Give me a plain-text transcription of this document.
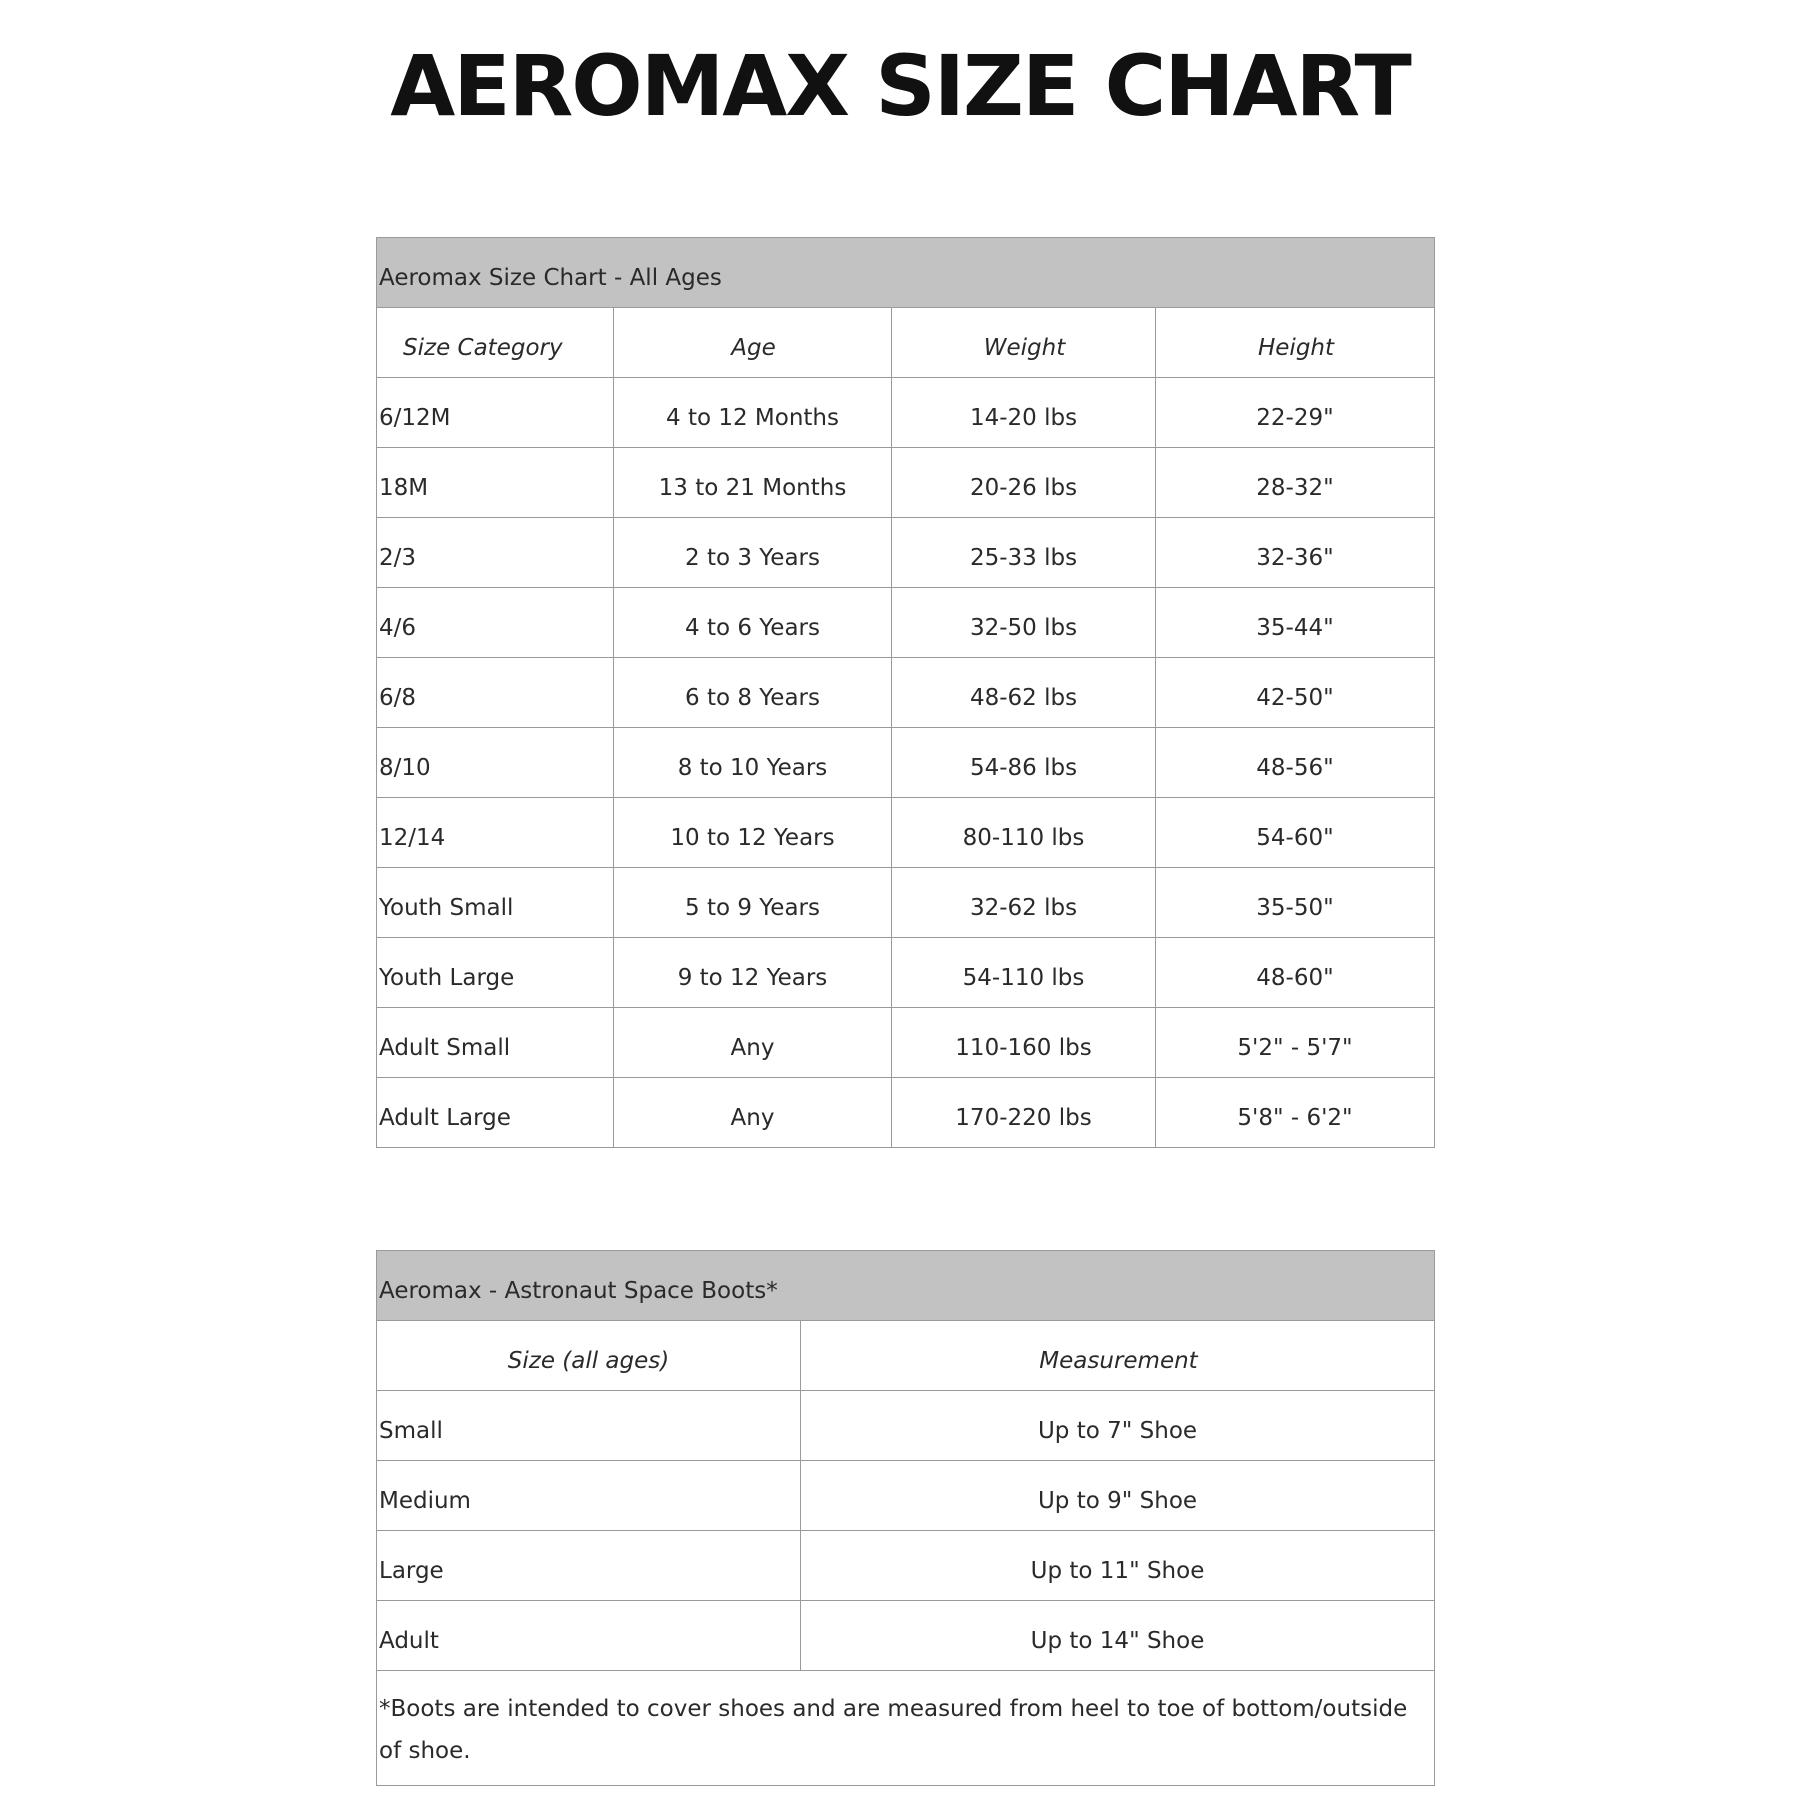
AEROMAX SIZE CHART
Aeromax Size Chart - All Ages			
Size Category	Age	Weight	Height
6/12M	4 to 12 Months	14-20 lbs	22-29"
18M	13 to 21 Months	20-26 lbs	28-32"
2/3	2 to 3 Years	25-33 lbs	32-36"
4/6	4 to 6 Years	32-50 lbs	35-44"
6/8	6 to 8 Years	48-62 lbs	42-50"
8/10	8 to 10 Years	54-86 lbs	48-56"
12/14	10 to 12 Years	80-110 lbs	54-60"
Youth Small	5 to 9 Years	32-62 lbs	35-50"
Youth Large	9 to 12 Years	54-110 lbs	48-60"
Adult Small	Any	110-160 lbs	5'2" - 5'7"
Adult Large	Any	170-220 lbs	5'8" - 6'2"
Aeromax - Astronaut Space Boots*	
Size (all ages)	Measurement
Small	Up to 7" Shoe
Medium	Up to 9" Shoe
Large	Up to 11" Shoe
Adult	Up to 14" Shoe
*Boots are intended to cover shoes and are measured from heel to toe of bottom/outside of shoe.	
